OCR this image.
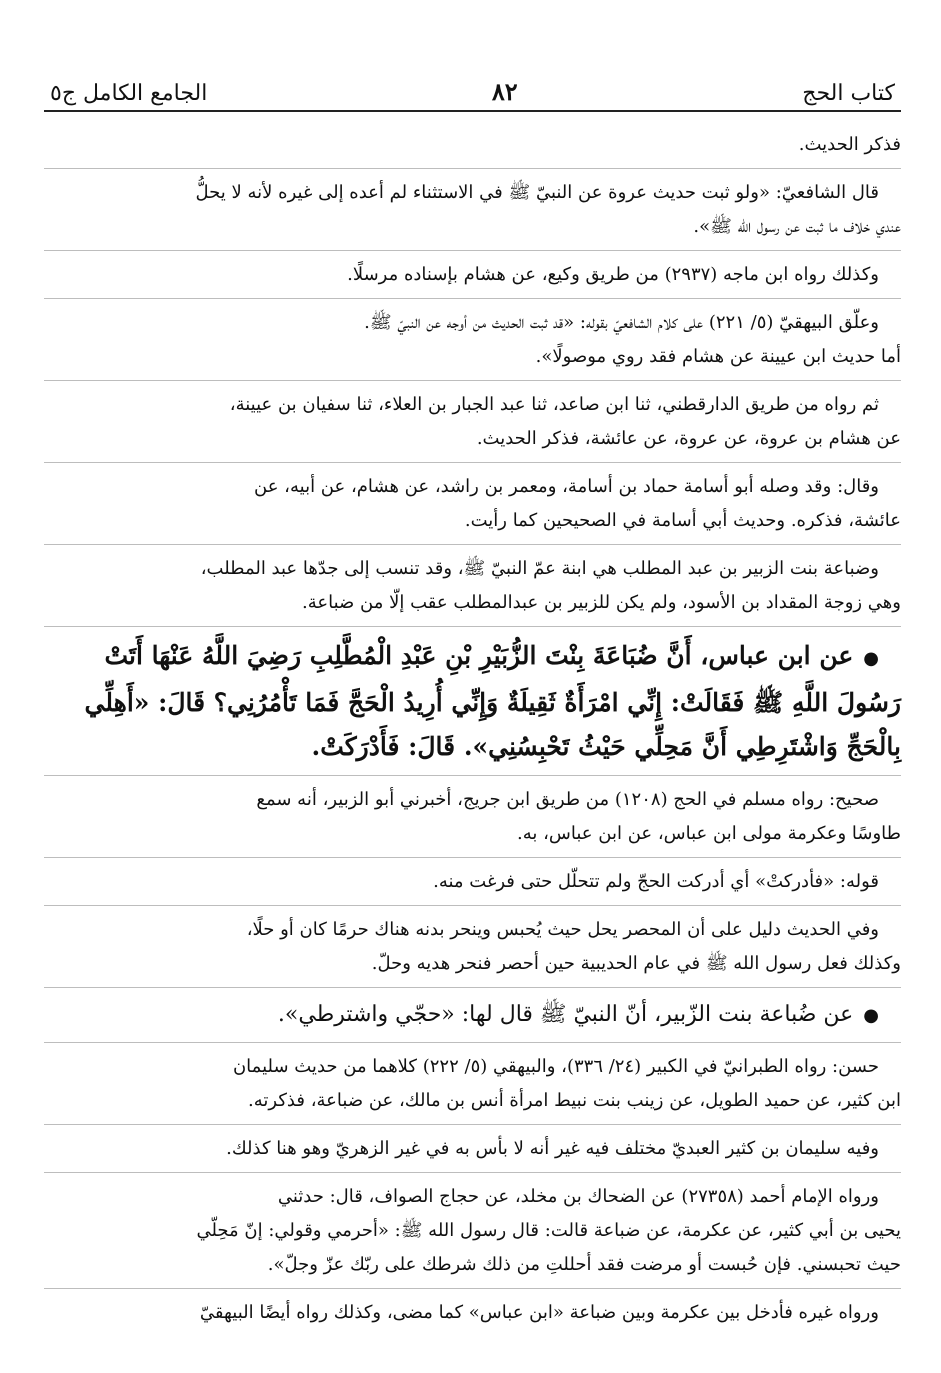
كتاب الحج
٨٢
الجامع الكامل ج٥

فذكر الحديث.

قال الشافعيّ: «ولو ثبت حديث عروة عن النبيّ ﷺ في الاستثناء لم أعده إلى غيره لأنه لا يحلُّ
عندي خلاف ما ثبت عن رسول الله ﷺ».

وكذلك رواه ابن ماجه (٢٩٣٧) من طريق وكيع، عن هشام بإسناده مرسلًا.

وعلّق البيهقيّ (٥/ ٢٢١) على كلام الشافعيّ بقوله: «قد ثبت الحديث من أوجه عن النبيّ ﷺ.
أما حديث ابن عيينة عن هشام فقد روي موصولًا».

ثم رواه من طريق الدارقطني، ثنا ابن صاعد، ثنا عبد الجبار بن العلاء، ثنا سفيان بن عيينة،
عن هشام بن عروة، عن عروة، عن عائشة، فذكر الحديث.

وقال: وقد وصله أبو أسامة حماد بن أسامة، ومعمر بن راشد، عن هشام، عن أبيه، عن
عائشة، فذكره. وحديث أبي أسامة في الصحيحين كما رأيت.

وضباعة بنت الزبير بن عبد المطلب هي ابنة عمّ النبيّ ﷺ، وقد تنسب إلى جدّها عبد المطلب،
وهي زوجة المقداد بن الأسود، ولم يكن للزبير بن عبدالمطلب عقب إلّا من ضباعة.

●عن ابن عباس، أَنَّ ضُبَاعَةَ بِنْتَ الزُّبَيْرِ بْنِ عَبْدِ الْمُطَّلِبِ رَضِيَ اللَّهُ عَنْهَا أَتَتْ
رَسُولَ اللَّهِ ﷺ فَقَالَتْ: إِنِّي امْرَأَةٌ ثَقِيلَةٌ وَإِنِّي أُرِيدُ الْحَجَّ فَمَا تَأْمُرُنِي؟ قَالَ: «أَهِلِّي
بِالْحَجِّ وَاشْتَرِطِي أَنَّ مَحِلِّي حَيْثُ تَحْبِسُنِي». قَالَ: فَأَدْرَكَتْ.

صحيح: رواه مسلم في الحج (١٢٠٨) من طريق ابن جريج، أخبرني أبو الزبير، أنه سمع
طاوسًا وعكرمة مولى ابن عباس، عن ابن عباس، به.

قوله: «فأدركتْ» أي أدركت الحجّ ولم تتحلّل حتى فرغت منه.

وفي الحديث دليل على أن المحصر يحل حيث يُحبس وينحر بدنه هناك حرمًا كان أو حلًا،
وكذلك فعل رسول الله ﷺ في عام الحديبية حين أحصر فنحر هديه وحلّ.

●عن ضُباعة بنت الزّبير، أنّ النبيّ ﷺ قال لها: «حجّي واشترطي».

حسن: رواه الطبرانيّ في الكبير (٢٤/ ٣٣٦)، والبيهقي (٥/ ٢٢٢) كلاهما من حديث سليمان
ابن كثير، عن حميد الطويل، عن زينب بنت نبيط امرأة أنس بن مالك، عن ضباعة، فذكرته.

وفيه سليمان بن كثير العبديّ مختلف فيه غير أنه لا بأس به في غير الزهريّ وهو هنا كذلك.

ورواه الإمام أحمد (٢٧٣٥٨) عن الضحاك بن مخلد، عن حجاج الصواف، قال: حدثني
يحيى بن أبي كثير، عن عكرمة، عن ضباعة قالت: قال رسول الله ﷺ: «أحرمي وقولي: إنّ مَحِلّي
حيث تحبسني. فإن حُبست أو مرضت فقد أحللتِ من ذلك شرطك على ربّك عزّ وجلّ».

ورواه غيره فأدخل بين عكرمة وبين ضباعة «ابن عباس» كما مضى، وكذلك رواه أيضًا البيهقيّ
